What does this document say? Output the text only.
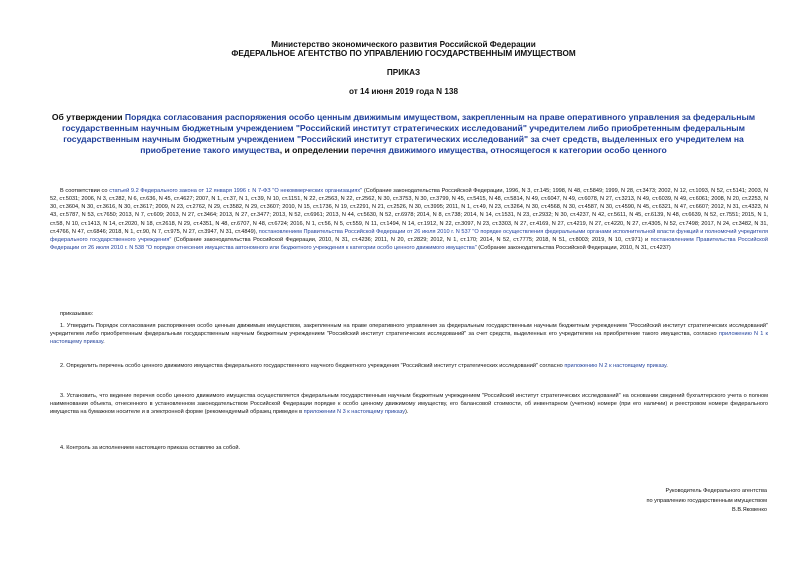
Министерство экономического развития Российской Федерации
ФЕДЕРАЛЬНОЕ АГЕНТСТВО ПО УПРАВЛЕНИЮ ГОСУДАРСТВЕННЫМ ИМУЩЕСТВОМ
ПРИКАЗ
от 14 июня 2019 года N 138
Об утверждении Порядка согласования распоряжения особо ценным движимым имуществом, закрепленным на праве оперативного управления за федеральным государственным научным бюджетным учреждением "Российский институт стратегических исследований" учредителем либо приобретенным федеральным государственным научным бюджетным учреждением "Российский институт стратегических исследований" за счет средств, выделенных его учредителем на приобретение такого имущества, и определении перечня движимого имущества, относящегося к категории особо ценного

В соответствии со статьей 9.2 Федерального закона от 12 января 1996 г. N 7-ФЗ "О некоммерческих организациях" (Собрание законодательства Российской Федерации, 1996, N 3, ст.145; 1998, N 48, ст.5849; 1999, N 28, ст.3473; 2002, N 12, ст.1093, N 52, ст.5141; 2003, N 52, ст.5031; 2006, N 3, ст.282, N 6, ст.636, N 45, ст.4627; 2007, N 1, ст.37, N 1, ст.39, N 10, ст.1151, N 22, ст.2563, N 22, ст.2562, N 30, ст.3753, N 30, ст.3799, N 45, ст.5415, N 48, ст.5814, N 49, ст.6047, N 49, ст.6078, N 27, ст.3213, N 49, ст.6039, N 49, ст.6061; 2008, N 20, ст.2253, N 30, ст.3604, N 30, ст.3616, N 30, ст.3617; 2009, N 23, ст.2762, N 29, ст.3582, N 29, ст.3607; 2010, N 15, ст.1736, N 19, ст.2291, N 21, ст.2526, N 30, ст.3995; 2011, N 1, ст.49, N 23, ст.3264, N 30, ст.4568, N 30, ст.4587, N 30, ст.4590, N 45, ст.6321, N 47, ст.6607; 2012, N 31, ст.4323, N 43, ст.5787, N 53, ст.7650; 2013, N 7, ст.609; 2013, N 27, ст.3464; 2013, N 27, ст.3477; 2013, N 52, ст.6961; 2013, N 44, ст.5630, N 52, ст.6978; 2014, N 8, ст.738; 2014, N 14, ст.1531, N 23, ст.2932; N 30, ст.4237, N 42, ст.5611, N 45, ст.6139, N 48, ст.6639, N 52, ст.7551; 2015, N 1, ст.58, N 10, ст.1413, N 14, ст.2020, N 18, ст.2618, N 29, ст.4351, N 48, ст.6707, N 48, ст.6724; 2016, N 1, ст.56, N 5, ст.559, N 11, ст.1494, N 14, ст.1912, N 22, ст.3097, N 23, ст.3303, N 27, ст.4169, N 27, ст.4219, N 27, ст.4220, N 27, ст.4305, N 52, ст.7498; 2017, N 24, ст.3482, N 31, ст.4766, N 47, ст.6846; 2018, N 1, ст.90, N 7, ст.975, N 27, ст.3947, N 31, ст.4849), постановлением Правительства Российской Федерации от 26 июля 2010 г. N 537 "О порядке осуществления федеральными органами исполнительной власти функций и полномочий учредителя федерального государственного учреждения" (Собрание законодательства Российской Федерации, 2010, N 31, ст.4236; 2011, N 20, ст.2829; 2012, N 1, ст.170; 2014, N 52, ст.7775; 2018, N 51, ст.8003; 2019, N 10, ст.971) и постановлением Правительства Российской Федерации от 26 июля 2010 г. N 538 "О порядке отнесения имущества автономного или бюджетного учреждения к категории особо ценного движимого имущества" (Собрание законодательства Российской Федерации, 2010, N 31, ст.4237)

приказываю:

1. Утвердить Порядок согласования распоряжения особо ценным движимым имуществом, закрепленным на праве оперативного управления за федеральным государственным научным бюджетным учреждением "Российский институт стратегических исследований" учредителем либо приобретенным федеральным государственным научным бюджетным учреждением "Российский институт стратегических исследований" за счет средств, выделенных его учредителем на приобретение такого имущества, согласно приложению N 1 к настоящему приказу.

2. Определить перечень особо ценного движимого имущества федерального государственного научного бюджетного учреждения "Российский институт стратегических исследований" согласно приложению N 2 к настоящему приказу.

3. Установить, что ведение перечня особо ценного движимого имущества осуществляется федеральным государственным научным бюджетным учреждением "Российский институт стратегических исследований" на основании сведений бухгалтерского учета о полном наименовании объекта, отнесенного в установленном законодательством Российской Федерации порядке к особо ценному движимому имуществу, его балансовой стоимости, об инвентарном (учетном) номере (при его наличии) и реестровом номере федерального имущества на бумажном носителе и в электронной форме (рекомендуемый образец приведен в приложении N 3 к настоящему приказу).

4. Контроль за исполнением настоящего приказа оставляю за собой.

Руководитель Федерального агентства
по управлению государственным имуществом
В.В.Яковенко
